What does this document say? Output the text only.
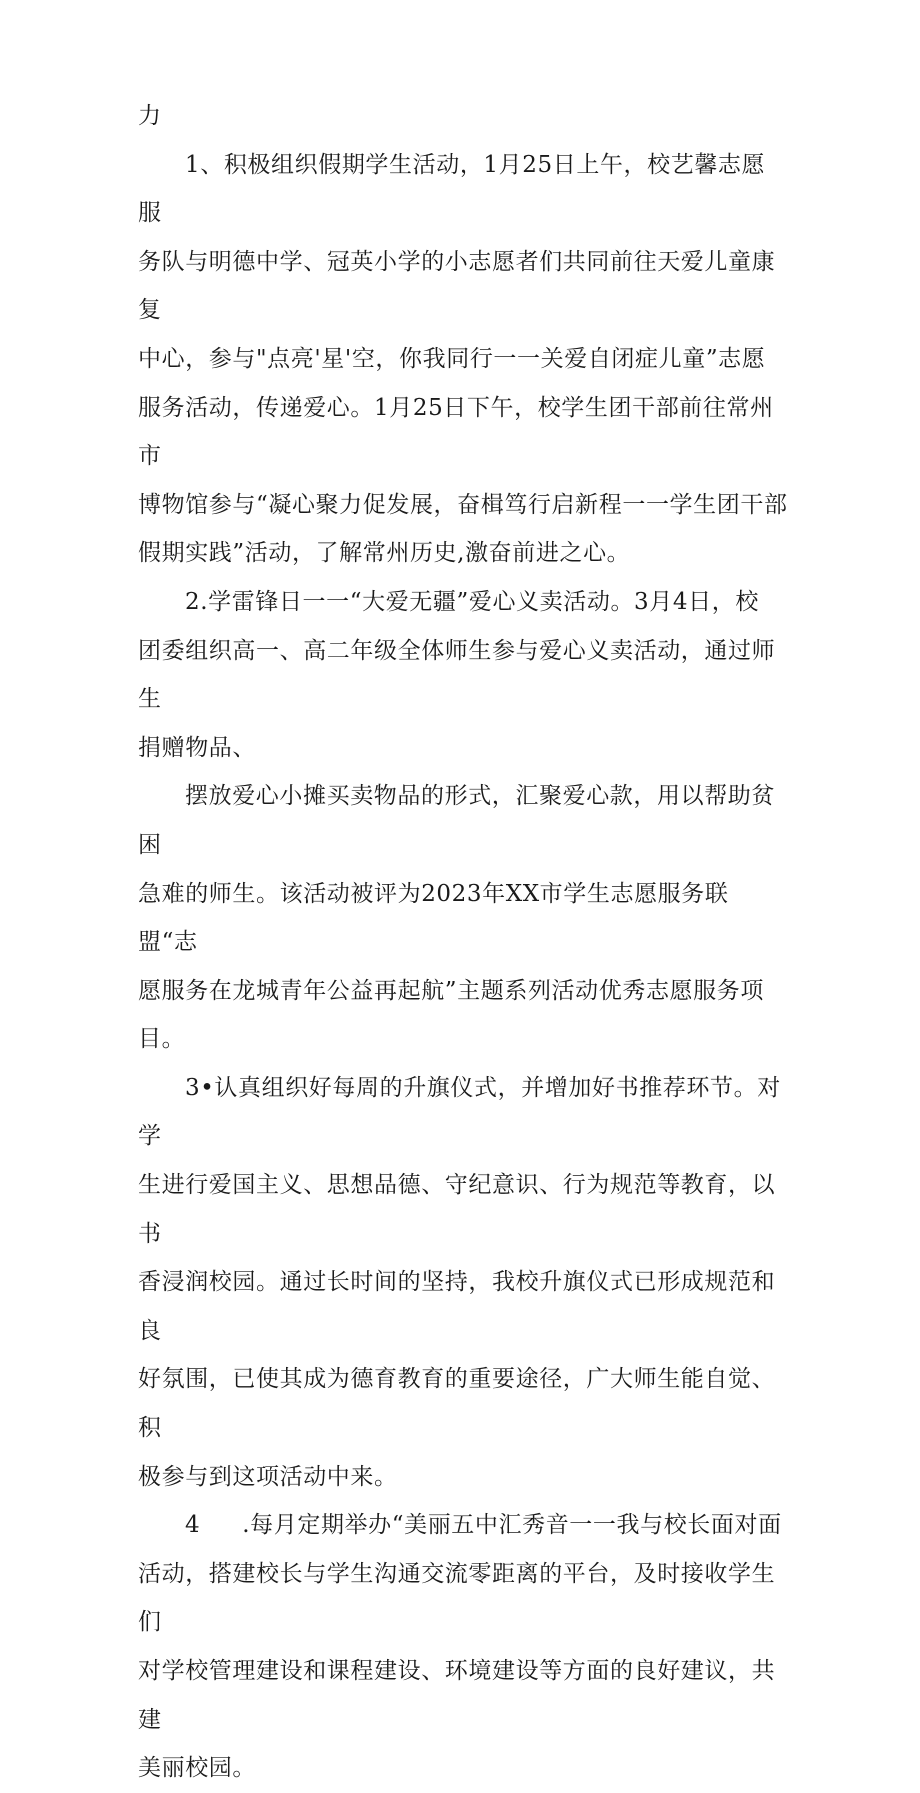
力

1、积极组织假期学生活动，1月25日上午，校艺馨志愿服
务队与明德中学、冠英小学的小志愿者们共同前往天爱儿童康复
中心，参与"点亮'星'空，你我同行一一关爱自闭症儿童”志愿
服务活动，传递爱心。1月25日下午，校学生团干部前往常州市
博物馆参与“凝心聚力促发展，奋楫笃行启新程一一学生团干部
假期实践”活动，了解常州历史,激奋前进之心。

2.学雷锋日一一“大爱无疆”爱心义卖活动。3月4日，校
团委组织高一、高二年级全体师生参与爱心义卖活动，通过师生
捐赠物品、

摆放爱心小摊买卖物品的形式，汇聚爱心款，用以帮助贫困
急难的师生。该活动被评为2023年XX市学生志愿服务联盟“志
愿服务在龙城青年公益再起航”主题系列活动优秀志愿服务项目。

3•认真组织好每周的升旗仪式，并增加好书推荐环节。对学
生进行爱国主义、思想品德、守纪意识、行为规范等教育，以书
香浸润校园。通过长时间的坚持，我校升旗仪式已形成规范和良
好氛围，已使其成为德育教育的重要途径，广大师生能自觉、积
极参与到这项活动中来。

4 .每月定期举办“美丽五中汇秀音一一我与校长面对面
活动，搭建校长与学生沟通交流零距离的平台，及时接收学生们
对学校管理建设和课程建设、环境建设等方面的良好建议，共建
美丽校园。
